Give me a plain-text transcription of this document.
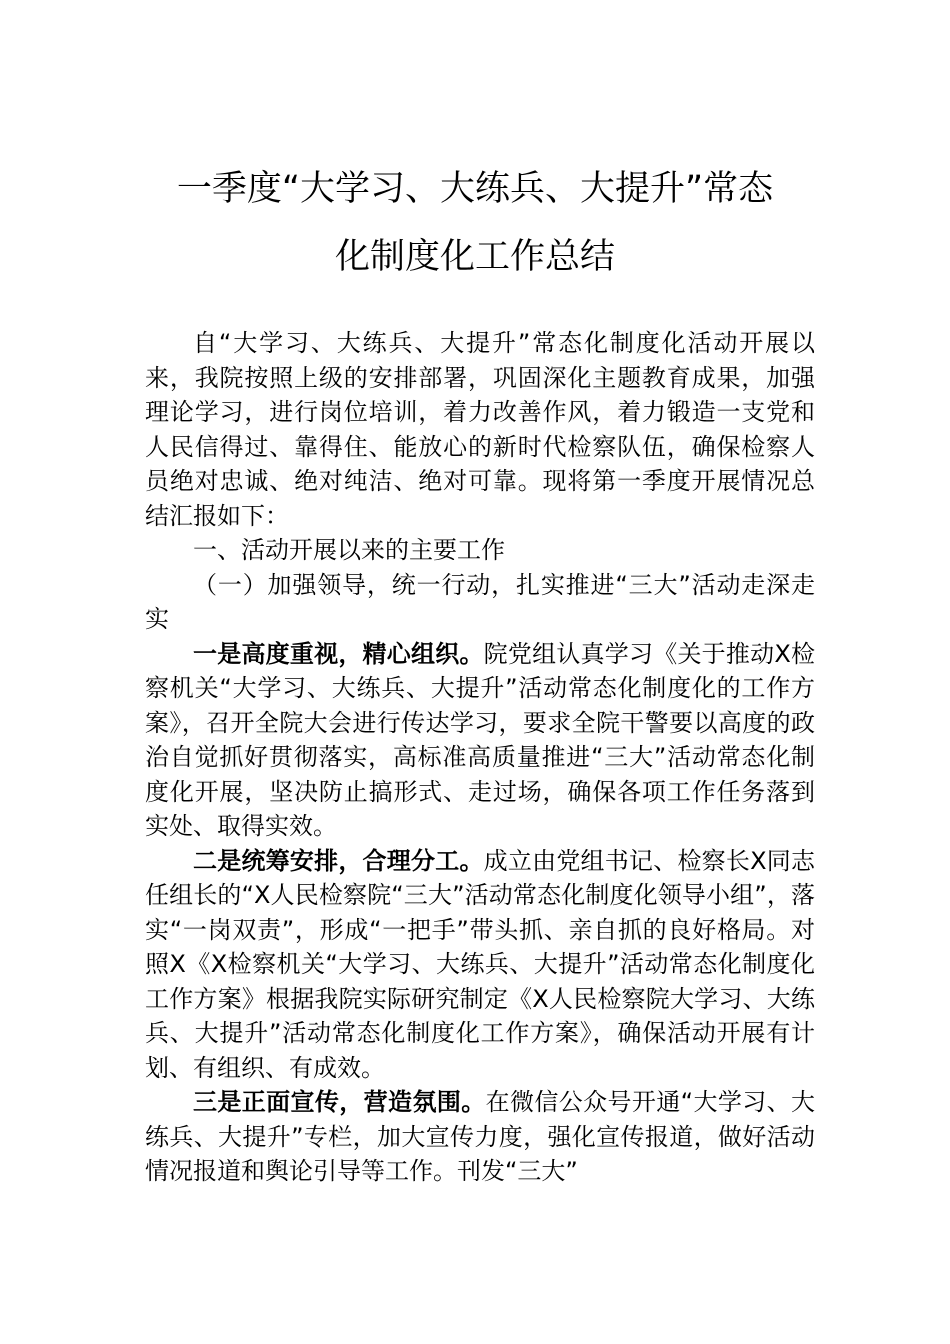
一季度“大学习、大练兵、大提升”常态
化制度化工作总结

自“大学习、大练兵、大提升”常态化制度化活动开展以来，我院按照上级的安排部署，巩固深化主题教育成果，加强理论学习，进行岗位培训，着力改善作风，着力锻造一支党和人民信得过、靠得住、能放心的新时代检察队伍，确保检察人员绝对忠诚、绝对纯洁、绝对可靠。现将第一季度开展情况总结汇报如下：

一、活动开展以来的主要工作

（一）加强领导，统一行动，扎实推进“三大”活动走深走实

一是高度重视，精心组织。院党组认真学习《关于推动X检察机关“大学习、大练兵、大提升”活动常态化制度化的工作方案》，召开全院大会进行传达学习，要求全院干警要以高度的政治自觉抓好贯彻落实，高标准高质量推进“三大”活动常态化制度化开展，坚决防止搞形式、走过场，确保各项工作任务落到实处、取得实效。

二是统筹安排，合理分工。成立由党组书记、检察长X同志任组长的“X人民检察院“三大”活动常态化制度化领导小组”，落实“一岗双责”，形成“一把手”带头抓、亲自抓的良好格局。对照X《X检察机关“大学习、大练兵、大提升”活动常态化制度化工作方案》根据我院实际研究制定《X人民检察院大学习、大练兵、大提升”活动常态化制度化工作方案》，确保活动开展有计划、有组织、有成效。

三是正面宣传，营造氛围。在微信公众号开通“大学习、大练兵、大提升”专栏，加大宣传力度，强化宣传报道，做好活动情况报道和舆论引导等工作。刊发“三大”
